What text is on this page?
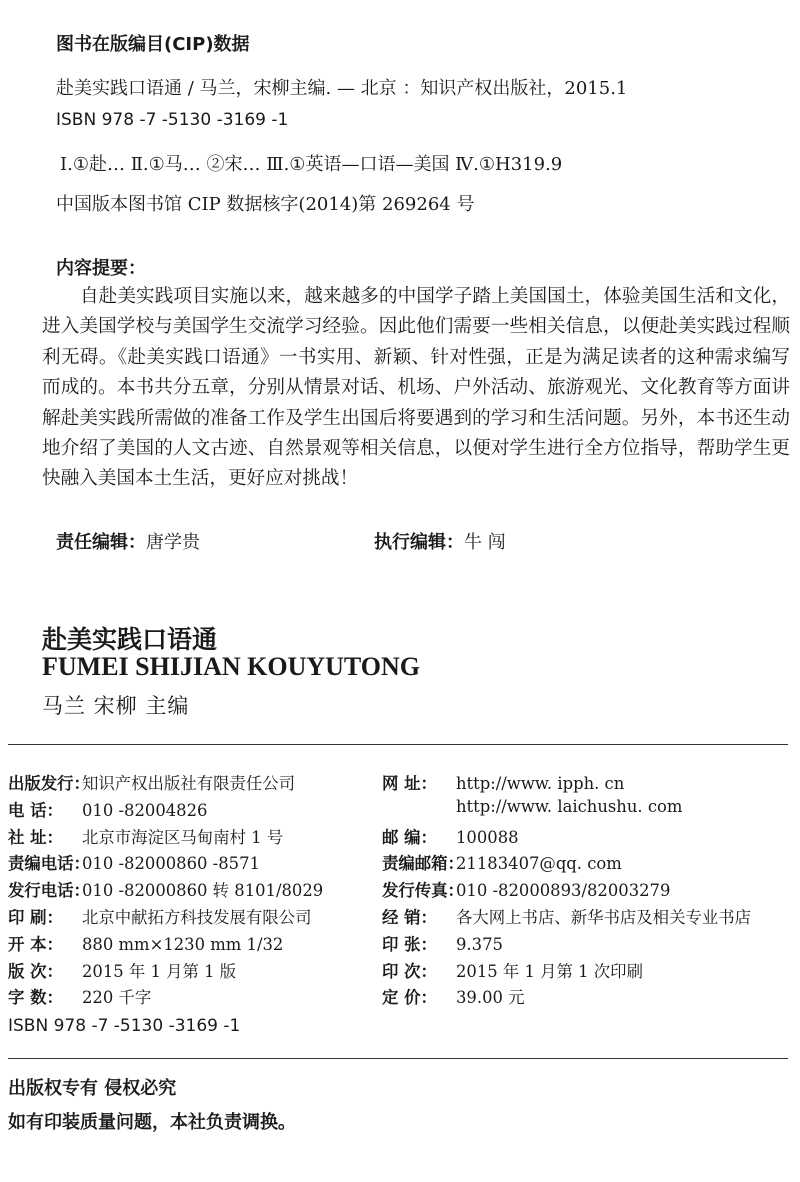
图书在版编目(CIP)数据
赴美实践口语通 / 马兰，宋柳主编. — 北京 ：知识产权出版社，2015.1
ISBN 978 -7 -5130 -3169 -1
Ⅰ.①赴… Ⅱ.①马… ②宋… Ⅲ.①英语—口语—美国 Ⅳ.①H319.9
中国版本图书馆 CIP 数据核字(2014)第 269264 号
内容提要：
自赴美实践项目实施以来，越来越多的中国学子踏上美国国土，体验美国生活和文化，进入美国学校与美国学生交流学习经验。因此他们需要一些相关信息，以便赴美实践过程顺利无碍。《赴美实践口语通》一书实用、新颖、针对性强，正是为满足读者的这种需求编写而成的。本书共分五章，分别从情景对话、机场、户外活动、旅游观光、文化教育等方面讲解赴美实践所需做的准备工作及学生出国后将要遇到的学习和生活问题。另外，本书还生动地介绍了美国的人文古迹、自然景观等相关信息，以便对学生进行全方位指导，帮助学生更快融入美国本土生活，更好应对挑战！
责任编辑：唐学贵	执行编辑：牛 闯
赴美实践口语通
FUMEI SHIJIAN KOUYUTONG
马兰 宋柳 主编
出版发行：知识产权出版社有限责任公司	网 址： http://www. ipph. cn
电 话： 010 -82004826	http://www. laichushu. com
社 址： 北京市海淀区马甸南村 1 号	邮 编： 100088
责编电话：010 -82000860 -8571	责编邮箱：21183407@qq. com
发行电话：010 -82000860 转 8101/8029	发行传真：010 -82000893/82003279
印 刷： 北京中献拓方科技发展有限公司	经 销： 各大网上书店、新华书店及相关专业书店
开 本： 880 mm×1230 mm 1/32	印 张： 9.375
版 次： 2015 年 1 月第 1 版	印 次： 2015 年 1 月第 1 次印刷
字 数： 220 千字	定 价： 39.00 元
ISBN 978 -7 -5130 -3169 -1
出版权专有 侵权必究
如有印装质量问题，本社负责调换。
